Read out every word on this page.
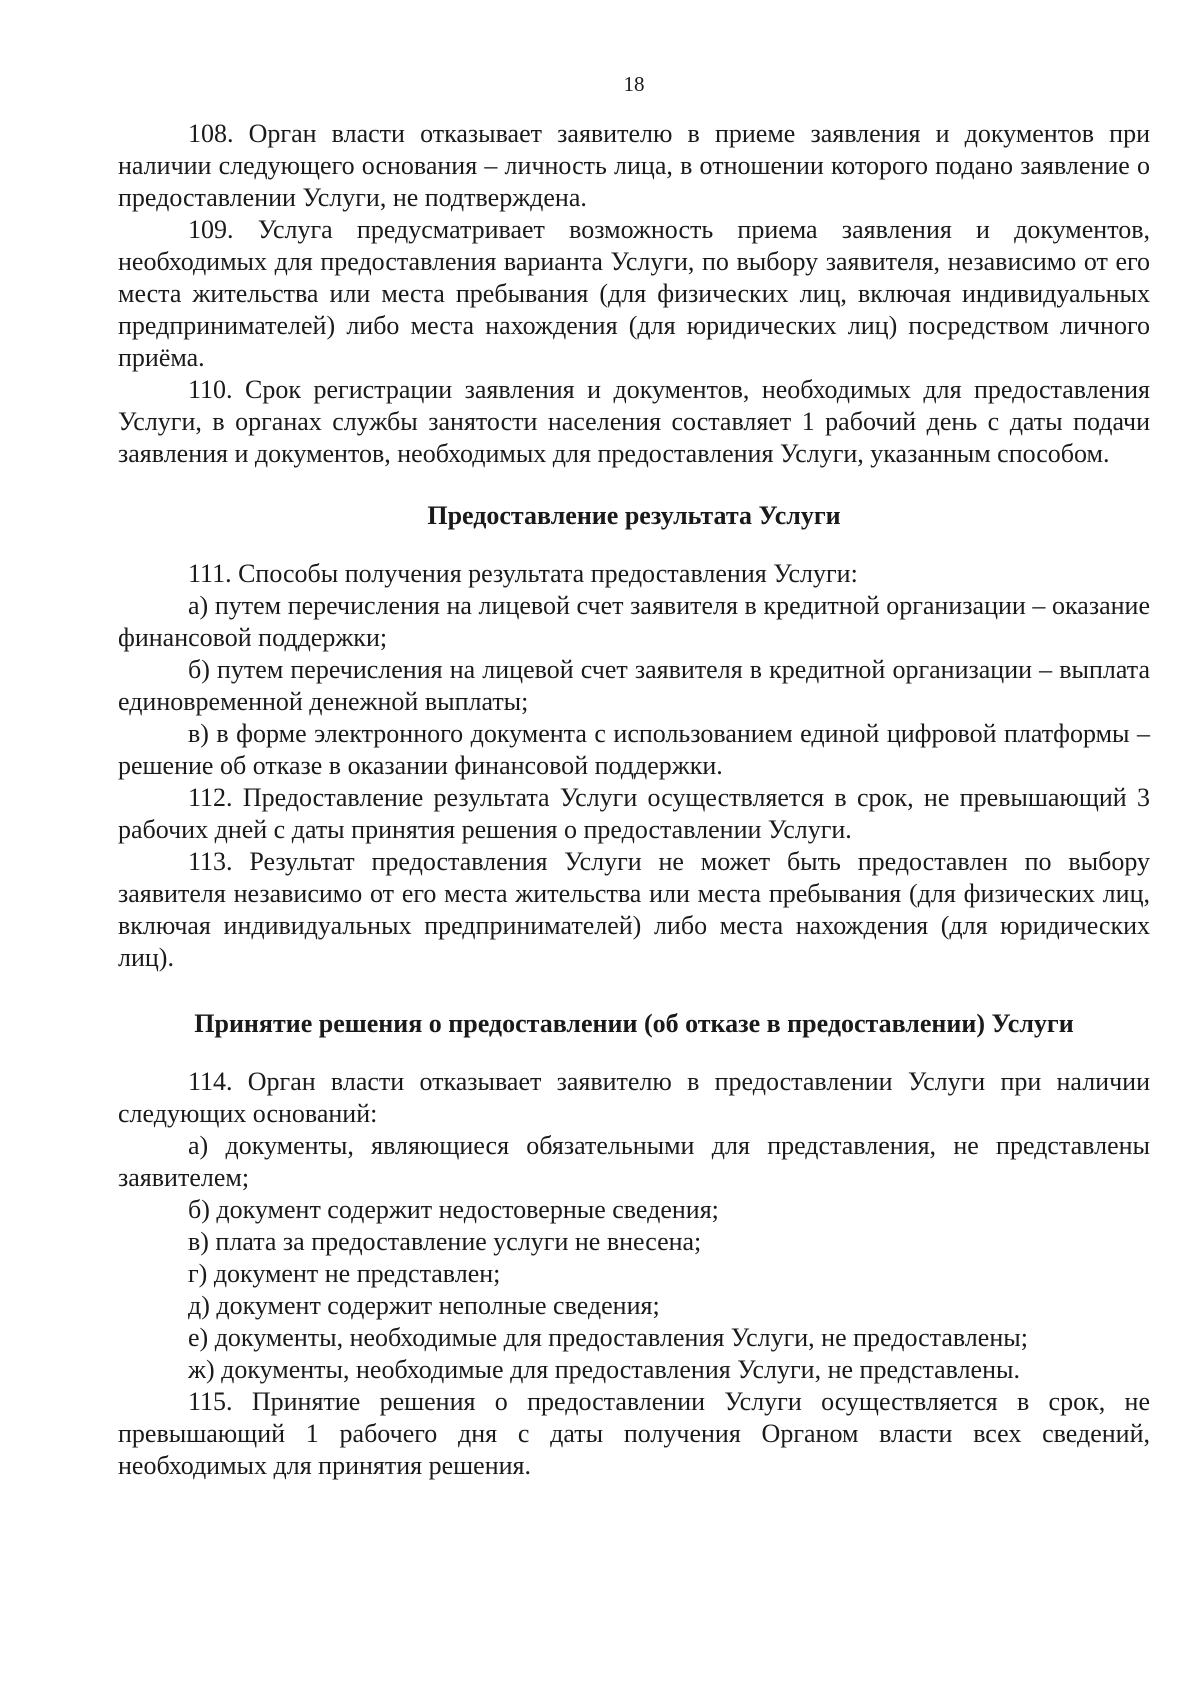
18

108. Орган власти отказывает заявителю в приеме заявления и документов при наличии следующего основания – личность лица, в отношении которого подано заявление о предоставлении Услуги, не подтверждена.

109. Услуга предусматривает возможность приема заявления и документов, необходимых для предоставления варианта Услуги, по выбору заявителя, независимо от его места жительства или места пребывания (для физических лиц, включая индивидуальных предпринимателей) либо места нахождения (для юридических лиц) посредством личного приёма.

110. Срок регистрации заявления и документов, необходимых для предоставления Услуги, в органах службы занятости населения составляет 1 рабочий день с даты подачи заявления и документов, необходимых для предоставления Услуги, указанным способом.

Предоставление результата Услуги

111. Способы получения результата предоставления Услуги:

а) путем перечисления на лицевой счет заявителя в кредитной организации – оказание финансовой поддержки;

б) путем перечисления на лицевой счет заявителя в кредитной организации – выплата единовременной денежной выплаты;

в) в форме электронного документа с использованием единой цифровой платформы – решение об отказе в оказании финансовой поддержки.

112. Предоставление результата Услуги осуществляется в срок, не превышающий 3 рабочих дней с даты принятия решения о предоставлении Услуги.

113. Результат предоставления Услуги не может быть предоставлен по выбору заявителя независимо от его места жительства или места пребывания (для физических лиц, включая индивидуальных предпринимателей) либо места нахождения (для юридических лиц).

Принятие решения о предоставлении (об отказе в предоставлении) Услуги

114. Орган власти отказывает заявителю в предоставлении Услуги при наличии следующих оснований:

а) документы, являющиеся обязательными для представления, не представлены заявителем;

б) документ содержит недостоверные сведения;

в) плата за предоставление услуги не внесена;

г) документ не представлен;

д) документ содержит неполные сведения;

е) документы, необходимые для предоставления Услуги, не предоставлены;

ж) документы, необходимые для предоставления Услуги, не представлены.

115. Принятие решения о предоставлении Услуги осуществляется в срок, не превышающий 1 рабочего дня с даты получения Органом власти всех сведений, необходимых для принятия решения.
